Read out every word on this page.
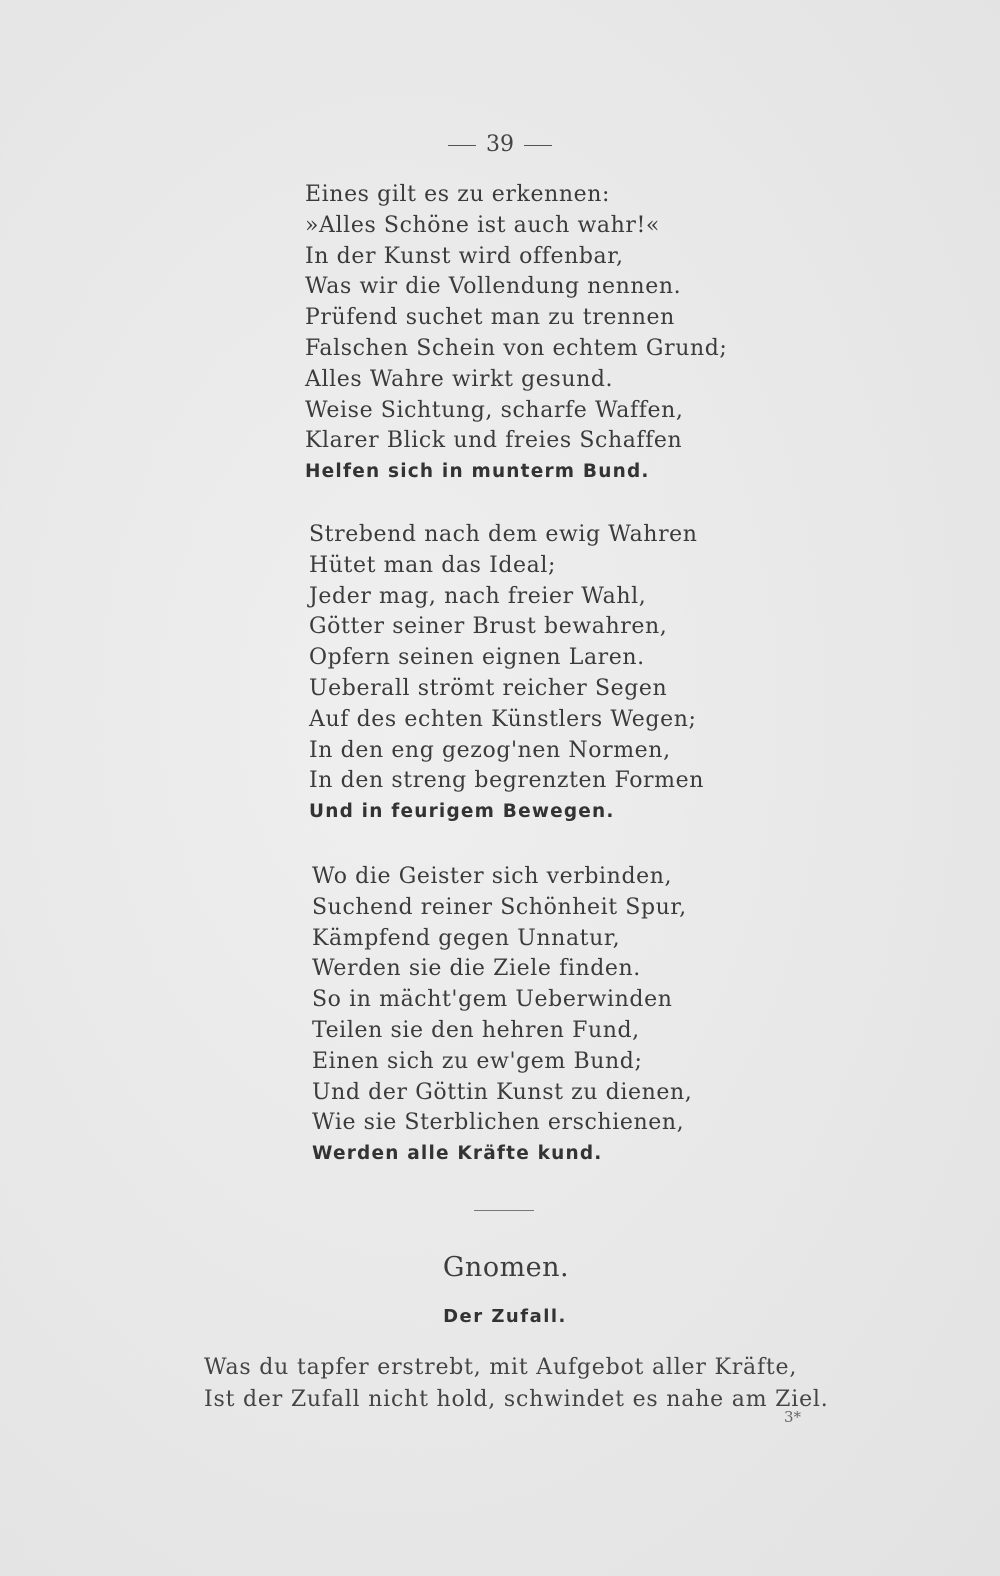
39
Eines gilt es zu erkennen:
»Alles Schöne ist auch wahr!«
In der Kunst wird offenbar,
Was wir die Vollendung nennen.
Prüfend suchet man zu trennen
Falschen Schein von echtem Grund;
Alles Wahre wirkt gesund.
Weise Sichtung, scharfe Waffen,
Klarer Blick und freies Schaffen
Helfen sich in munterm Bund.
Strebend nach dem ewig Wahren
Hütet man das Ideal;
Jeder mag, nach freier Wahl,
Götter seiner Brust bewahren,
Opfern seinen eignen Laren.
Ueberall strömt reicher Segen
Auf des echten Künstlers Wegen;
In den eng gezog'nen Normen,
In den streng begrenzten Formen
Und in feurigem Bewegen.
Wo die Geister sich verbinden,
Suchend reiner Schönheit Spur,
Kämpfend gegen Unnatur,
Werden sie die Ziele finden.
So in mächt'gem Ueberwinden
Teilen sie den hehren Fund,
Einen sich zu ew'gem Bund;
Und der Göttin Kunst zu dienen,
Wie sie Sterblichen erschienen,
Werden alle Kräfte kund.
Gnomen.
Der Zufall.
Was du tapfer erstrebt, mit Aufgebot aller Kräfte,
Ist der Zufall nicht hold, schwindet es nahe am Ziel.
3*
